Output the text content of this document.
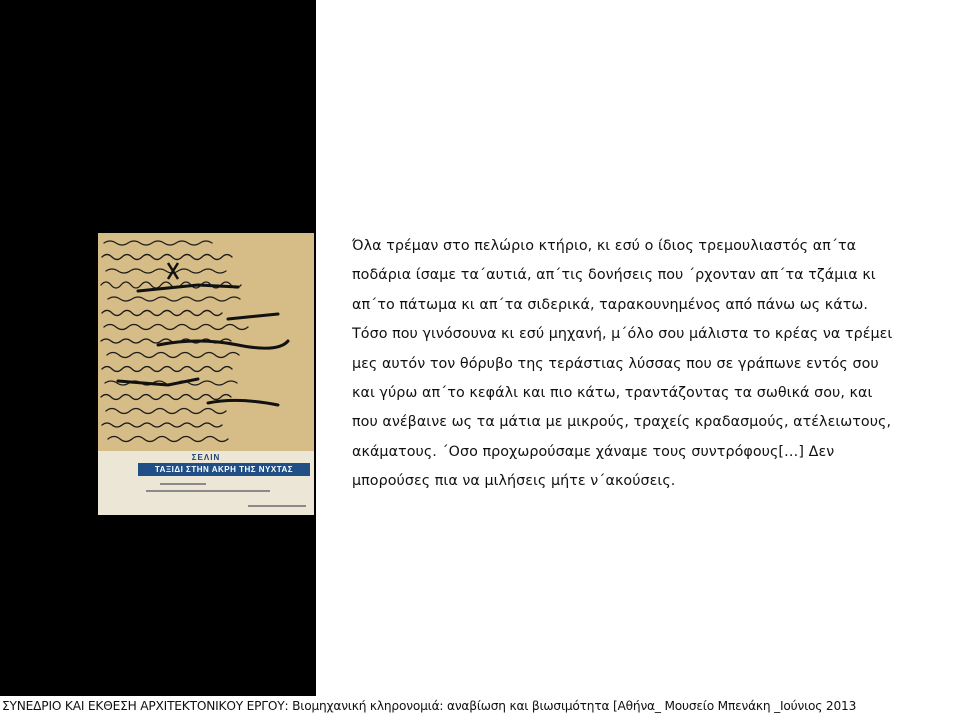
ΣΕΛΙΝ
ΤΑΞΙΔΙ ΣΤΗΝ ΑΚΡΗ ΤΗΣ ΝΥΧΤΑΣ

Όλα τρέμαν στο πελώριο κτήριο, κι εσύ ο ίδιος τρεμουλιαστός απ΄τα ποδάρια ίσαμε τα΄αυτιά, απ΄τις δονήσεις που ΄ρχονταν απ΄τα τζάμια κι απ΄το πάτωμα κι απ΄τα σιδερικά, ταρακουνημένος από πάνω ως κάτω. Τόσο που γινόσουνα κι εσύ μηχανή, μ΄όλο σου μάλιστα το κρέας να τρέμει μες αυτόν τον θόρυβο της τεράστιας λύσσας που σε γράπωνε εντός σου και γύρω απ΄το κεφάλι και πιο κάτω, τραντάζοντας τα σωθικά σου, και που ανέβαινε ως τα μάτια με μικρούς, τραχείς κραδασμούς, ατέλειωτους, ακάματους. ΄Οσο προχωρούσαμε χάναμε τους συντρόφους[…] Δεν μπορούσες πια να μιλήσεις μήτε ν΄ακούσεις.

ΣΥΝΕΔΡΙΟ ΚΑΙ ΕΚΘΕΣΗ ΑΡΧΙΤΕΚΤΟΝΙΚΟΥ ΕΡΓΟΥ: Βιομηχανική κληρονομιά: αναβίωση και βιωσιμότητα [Αθήνα_ Μουσείο Μπενάκη _Ιούνιος 2013
